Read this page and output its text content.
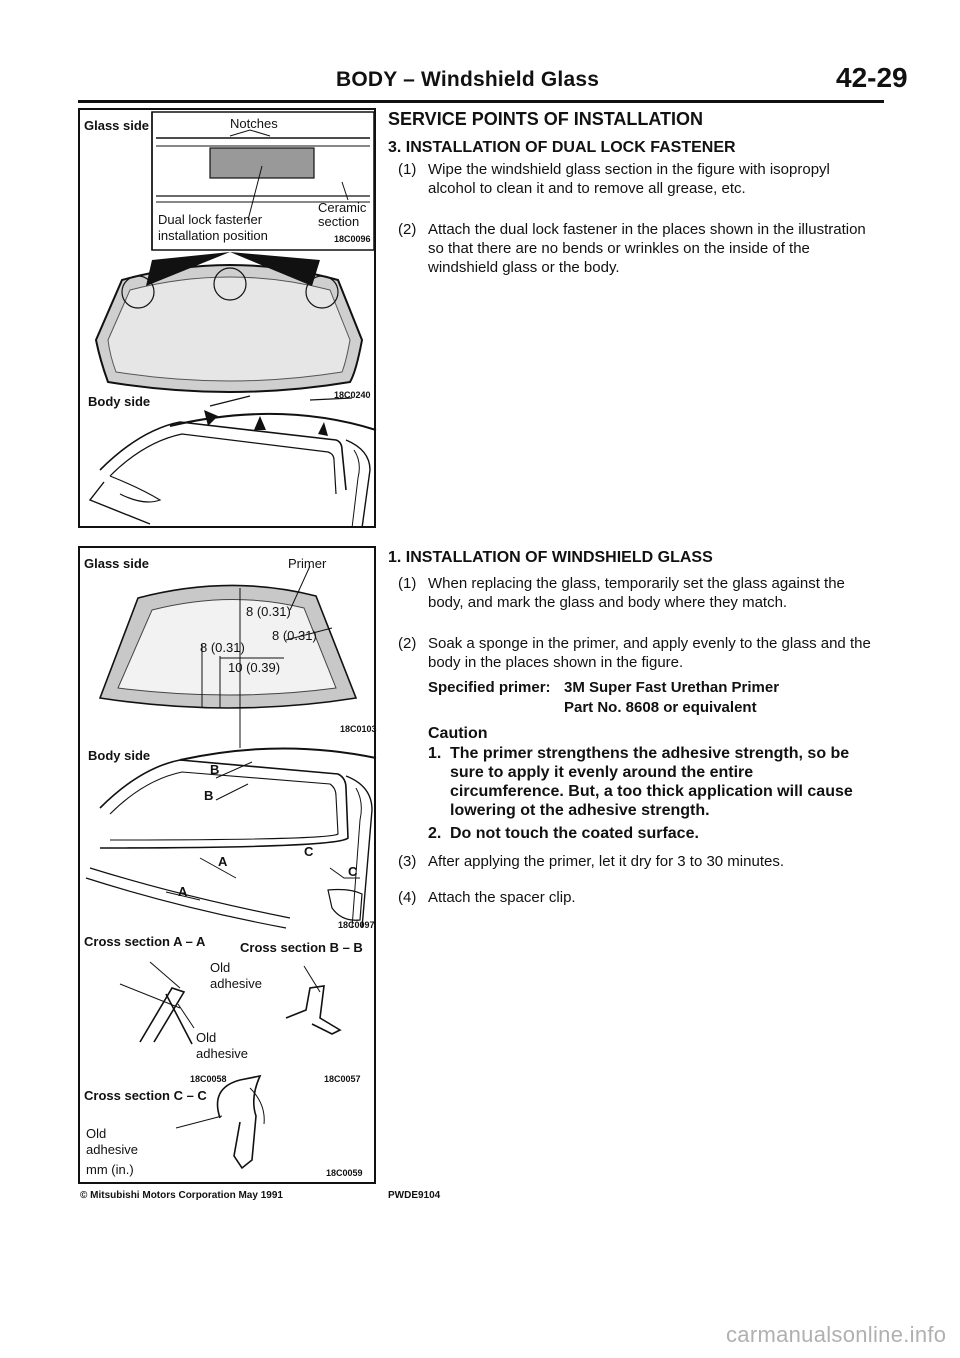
BODY – Windshield Glass	42-29
Glass side	Notches
Ceramic
section
Dual lock fastener
installation position	18C0096
Body side	18C0240
Glass side	Primer
8 (0.31)
8 (0.31)
8 (0.31)
10 (0.39)
18C0103
Body side
B
B
A
A
C
C
18C0097
Cross section A – A	Cross section B – B
Old
adhesive
Old
adhesive
18C0058	18C0057
Cross section C – C
Old
adhesive
mm (in.)	18C0059
SERVICE POINTS OF INSTALLATION
3. INSTALLATION OF DUAL LOCK FASTENER
(1) Wipe the windshield glass section in the figure with isopropyl alcohol to clean it and to remove all grease, etc.
(2) Attach the dual lock fastener in the places shown in the illustration so that there are no bends or wrinkles on the inside of the windshield glass or the body.
1. INSTALLATION OF WINDSHIELD GLASS
(1) When replacing the glass, temporarily set the glass against the body, and mark the glass and body where they match.
(2) Soak a sponge in the primer, and apply evenly to the glass and the body in the places shown in the figure.
Specified primer: 3M Super Fast Urethan Primer
Part No. 8608 or equivalent
Caution
1. The primer strengthens the adhesive strength, so be sure to apply it evenly around the entire circumference. But, a too thick application will cause lowering ot the adhesive strength.
2. Do not touch the coated surface.
(3) After applying the primer, let it dry for 3 to 30 minutes.
(4) Attach the spacer clip.
© Mitsubishi Motors Corporation May 1991	PWDE9104
carmanualsonline.info
